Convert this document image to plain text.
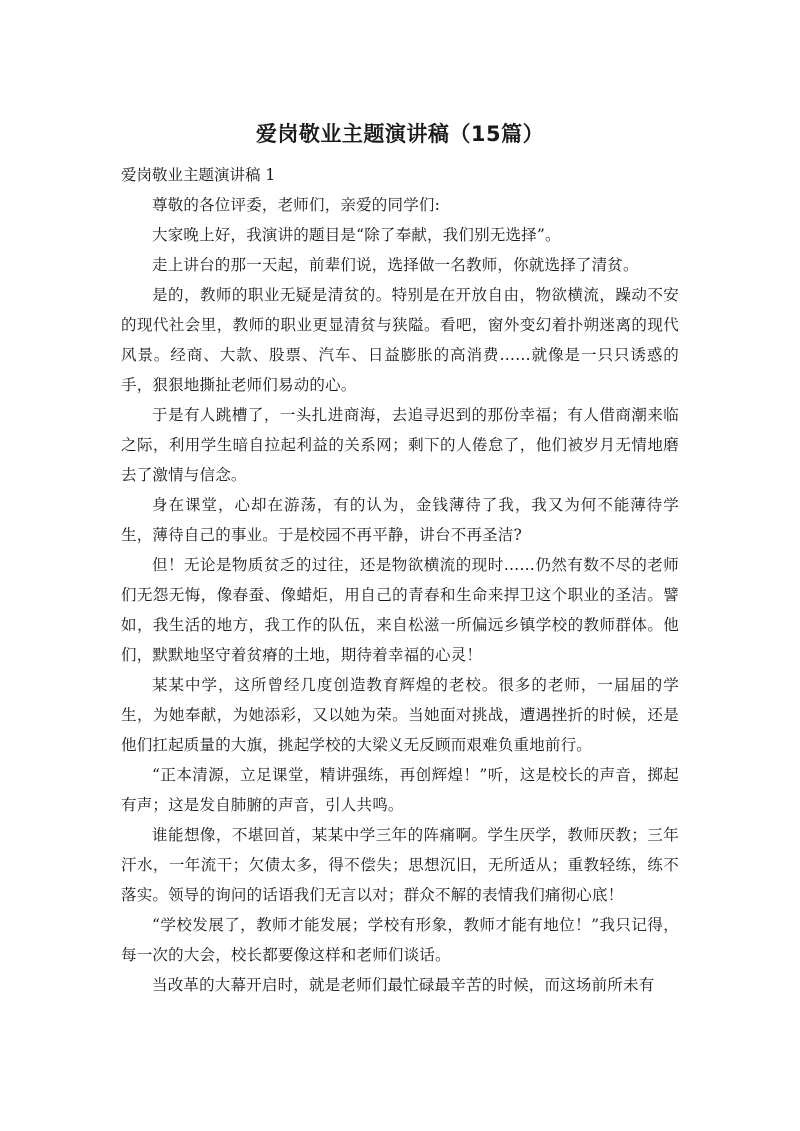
爱岗敬业主题演讲稿（15篇）

爱岗敬业主题演讲稿 1

尊敬的各位评委，老师们，亲爱的同学们:

大家晚上好，我演讲的题目是“除了奉献，我们别无选择”。

走上讲台的那一天起，前辈们说，选择做一名教师，你就选择了清贫。

是的，教师的职业无疑是清贫的。特别是在开放自由，物欲横流，躁动不安的现代社会里，教师的职业更显清贫与狭隘。看吧，窗外变幻着扑朔迷离的现代风景。经商、大款、股票、汽车、日益膨胀的高消费……就像是一只只诱惑的手，狠狠地撕扯老师们易动的心。

于是有人跳槽了，一头扎进商海，去追寻迟到的那份幸福；有人借商潮来临之际，利用学生暗自拉起利益的关系网；剩下的人倦怠了，他们被岁月无情地磨去了激情与信念。

身在课堂，心却在游荡，有的认为，金钱薄待了我，我又为何不能薄待学生，薄待自己的事业。于是校园不再平静，讲台不再圣洁?

但！无论是物质贫乏的过往，还是物欲横流的现时……仍然有数不尽的老师们无怨无悔，像春蚕、像蜡炬，用自己的青春和生命来捍卫这个职业的圣洁。譬如，我生活的地方，我工作的队伍，来自松滋一所偏远乡镇学校的教师群体。他们，默默地坚守着贫瘠的土地，期待着幸福的心灵！

某某中学，这所曾经几度创造教育辉煌的老校。很多的老师，一届届的学生，为她奉献，为她添彩，又以她为荣。当她面对挑战，遭遇挫折的时候，还是他们扛起质量的大旗，挑起学校的大梁义无反顾而艰难负重地前行。

“正本清源，立足课堂，精讲强练，再创辉煌！”听，这是校长的声音，掷起有声；这是发自肺腑的声音，引人共鸣。

谁能想像，不堪回首，某某中学三年的阵痛啊。学生厌学，教师厌教；三年汗水，一年流干；欠债太多，得不偿失；思想沉旧，无所适从；重教轻练，练不落实。领导的询问的话语我们无言以对；群众不解的表情我们痛彻心底！

“学校发展了，教师才能发展；学校有形象，教师才能有地位！”我只记得，每一次的大会，校长都要像这样和老师们谈话。

当改革的大幕开启时，就是老师们最忙碌最辛苦的时候，而这场前所未有
